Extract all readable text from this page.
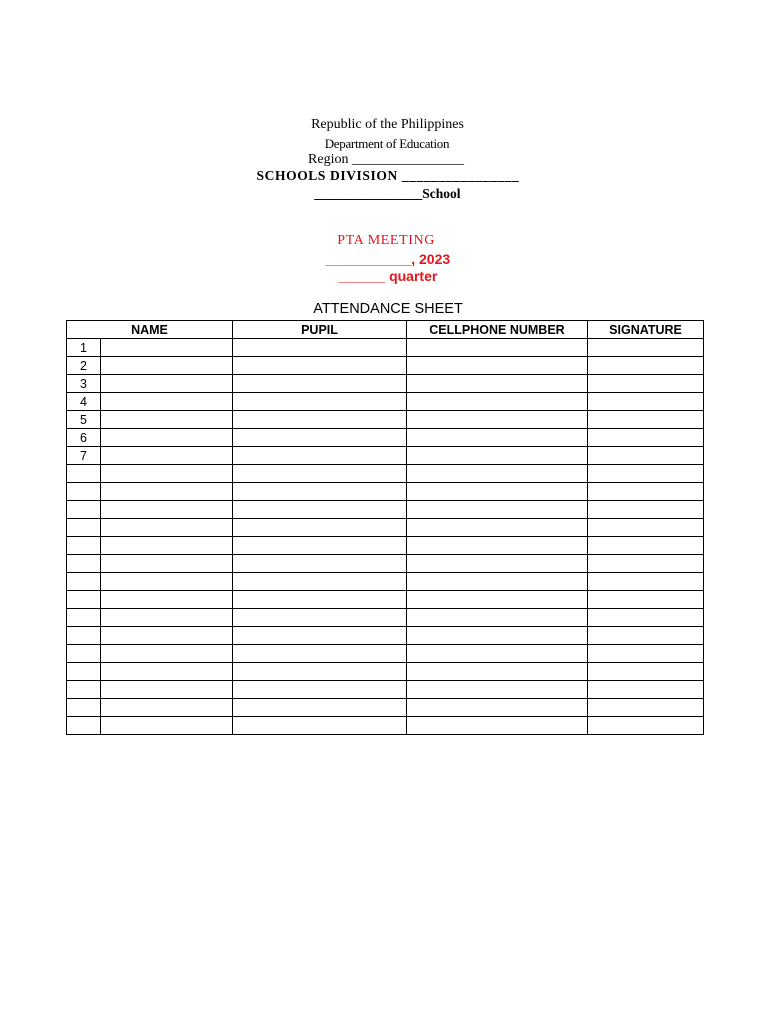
Republic of the Philippines

Department of Education

Region ________________

SCHOOLS DIVISION ________________

________________School

PTA MEETING

___________, 2023

______ quarter

ATTENDANCE SHEET

NAME		PUPIL	CELLPHONE NUMBER	SIGNATURE
1				
2				
3				
4				
5				
6				
7				
